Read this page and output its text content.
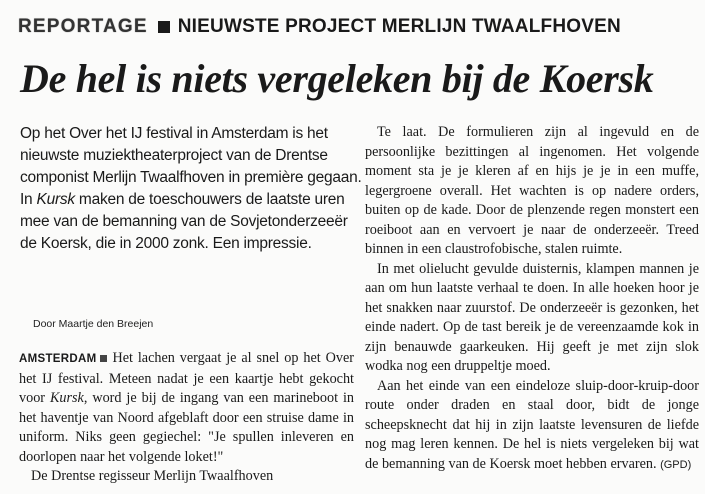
REPORTAGE NIEUWSTE PROJECT MERLIJN TWAALFHOVEN
De hel is niets vergeleken bij de Koersk

Op het Over het IJ festival in Amsterdam is het nieuwste muziektheaterproject van de Drentse componist Merlijn Twaalfhoven in première gegaan. In Kursk maken de toeschouwers de laatste uren mee van de bemanning van de Sovjetonderzeeër de Koersk, die in 2000 zonk. Een impressie.

Door Maartje den Breejen

AMSTERDAM Het lachen vergaat je al snel op het Over het IJ festival. Meteen nadat je een kaartje hebt gekocht voor Kursk, word je bij de ingang van een marineboot in het haventje van Noord afgeblaft door een struise dame in uniform. Niks geen gegiechel: "Je spullen inleveren en doorlopen naar het volgende loket!"

De Drentse regisseur Merlijn Twaalfhoven

Te laat. De formulieren zijn al ingevuld en de persoonlijke bezittingen al ingenomen. Het volgende moment sta je je kleren af en hijs je je in een muffe, legergroene overall. Het wachten is op nadere orders, buiten op de kade. Door de plenzende regen monstert een roeiboot aan en vervoert je naar de onderzeeër. Treed binnen in een claustrofobische, stalen ruimte.

In met olielucht gevulde duisternis, klampen mannen je aan om hun laatste verhaal te doen. In alle hoeken hoor je het snakken naar zuurstof. De onderzeeër is gezonken, het einde nadert. Op de tast bereik je de vereenzaamde kok in zijn benauwde gaarkeuken. Hij geeft je met zijn slok wodka nog een druppeltje moed.

Aan het einde van een eindeloze sluip-door-kruip-door route onder draden en staal door, bidt de jonge scheepsknecht dat hij in zijn laatste levensuren de liefde nog mag leren kennen. De hel is niets vergeleken bij wat de bemanning van de Koersk moet hebben ervaren. (GPD)
